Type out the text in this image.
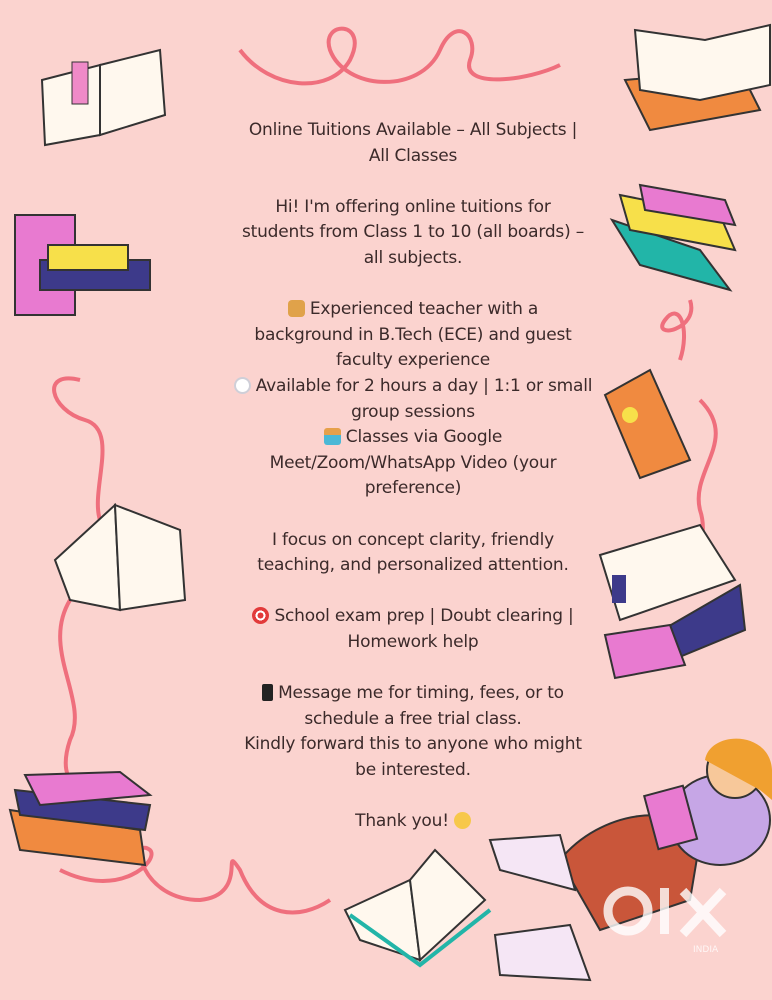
Online Tuitions Available – All Subjects |
All Classes
Hi! I'm offering online tuitions for
students from Class 1 to 10 (all boards) –
all subjects.
Experienced teacher with a
background in B.Tech (ECE) and guest
faculty experience
Available for 2 hours a day | 1:1 or small
group sessions
Classes via Google
Meet/Zoom/WhatsApp Video (your
preference)
I focus on concept clarity, friendly
teaching, and personalized attention.
School exam prep | Doubt clearing |
Homework help
Message me for timing, fees, or to
schedule a free trial class.
Kindly forward this to anyone who might
be interested.
Thank you!
INDIA
